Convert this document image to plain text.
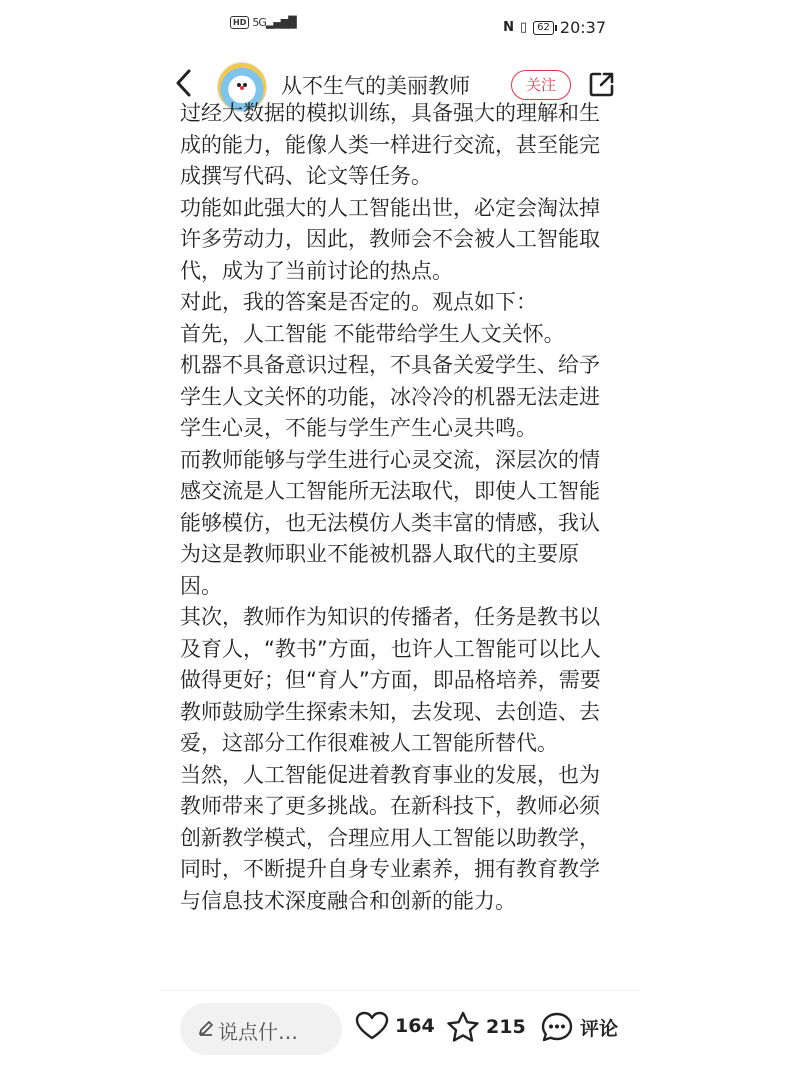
HD 5G▂▄▆█	N ▯	62 20:37
从不生气的美丽教师	关注

过经大数据的模拟训练，具备强大的理解和生成的能力，能像人类一样进行交流，甚至能完成撰写代码、论文等任务。

功能如此强大的人工智能出世，必定会淘汰掉许多劳动力，因此，教师会不会被人工智能取代，成为了当前讨论的热点。

对此，我的答案是否定的。观点如下：

首先，人工智能 不能带给学生人文关怀。

机器不具备意识过程，不具备关爱学生、给予学生人文关怀的功能，冰冷冷的机器无法走进学生心灵，不能与学生产生心灵共鸣。

而教师能够与学生进行心灵交流，深层次的情感交流是人工智能所无法取代，即使人工智能能够模仿，也无法模仿人类丰富的情感，我认为这是教师职业不能被机器人取代的主要原因。

其次，教师作为知识的传播者，任务是教书以及育人，“教书”方面，也许人工智能可以比人做得更好；但“育人”方面，即品格培养，需要教师鼓励学生探索未知，去发现、去创造、去爱，这部分工作很难被人工智能所替代。

当然，人工智能促进着教育事业的发展，也为教师带来了更多挑战。在新科技下，教师必须创新教学模式，合理应用人工智能以助教学，同时，不断提升自身专业素养，拥有教育教学与信息技术深度融合和创新的能力。

说点什…	164	215	评论
